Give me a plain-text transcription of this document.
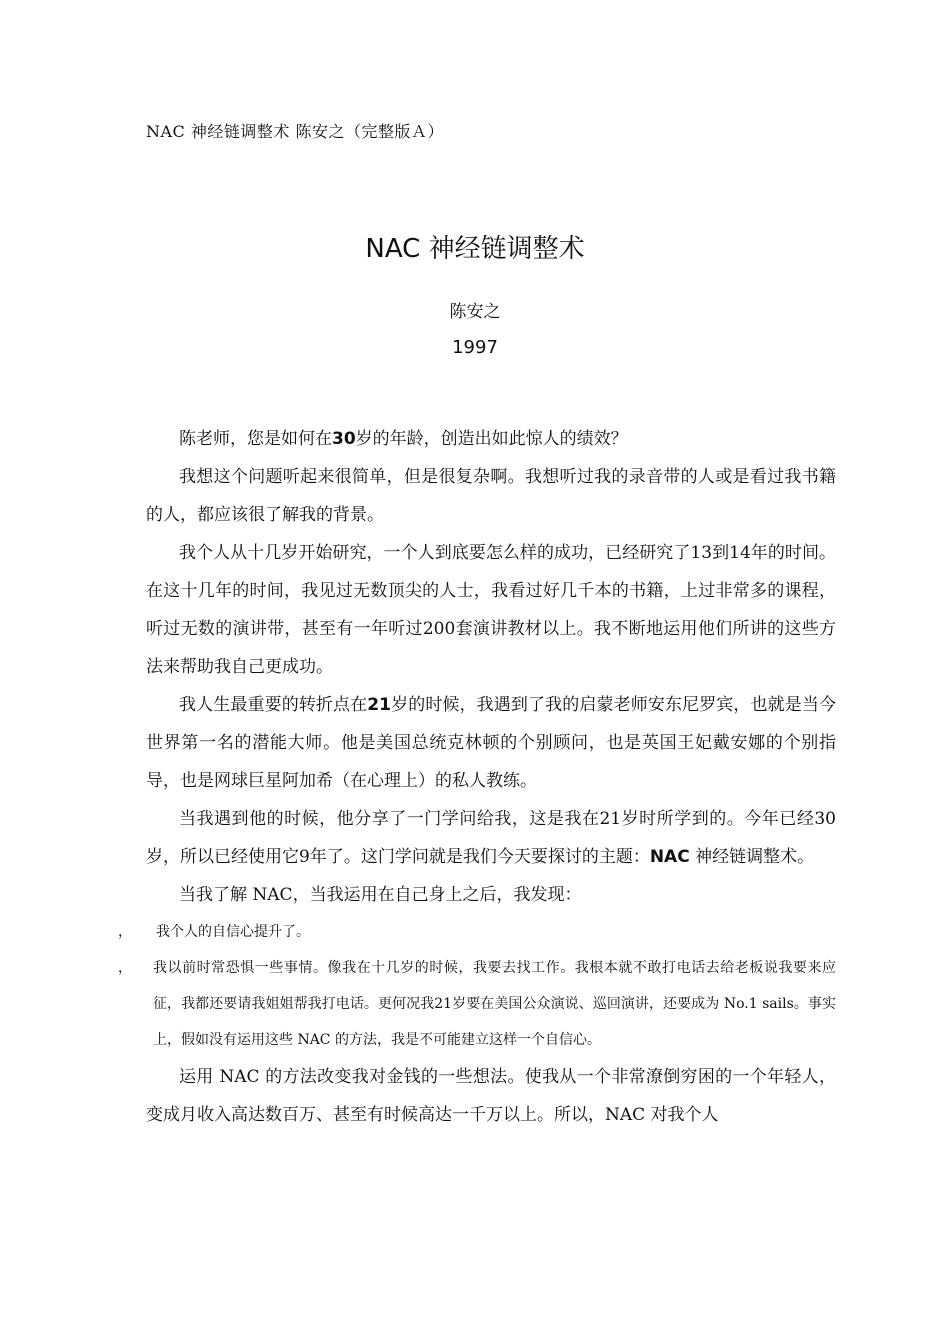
NAC 神经链调整术 陈安之（完整版Ａ）
NAC 神经链调整术
陈安之
1997

陈老师，您是如何在30岁的年龄，创造出如此惊人的绩效？

我想这个问题听起来很简单，但是很复杂啊。我想听过我的录音带的人或是看过我书籍的人，都应该很了解我的背景。

我个人从十几岁开始研究，一个人到底要怎么样的成功，已经研究了13到14年的时间。在这十几年的时间，我见过无数顶尖的人士，我看过好几千本的书籍，上过非常多的课程，听过无数的演讲带，甚至有一年听过200套演讲教材以上。我不断地运用他们所讲的这些方法来帮助我自己更成功。

我人生最重要的转折点在21岁的时候，我遇到了我的启蒙老师安东尼罗宾，也就是当今世界第一名的潜能大师。他是美国总统克林顿的个别顾问，也是英国王妃戴安娜的个别指导，也是网球巨星阿加希（在心理上）的私人教练。

当我遇到他的时候，他分享了一门学问给我，这是我在21岁时所学到的。今年已经30岁，所以已经使用它9年了。这门学问就是我们今天要探讨的主题：NAC 神经链调整术。

当我了解 NAC，当我运用在自己身上之后，我发现：

， 我个人的自信心提升了。

， 我以前时常恐惧一些事情。像我在十几岁的时候，我要去找工作。我根本就不敢打电话去给老板说我要来应征，我都还要请我姐姐帮我打电话。更何况我21岁要在美国公众演说、巡回演讲，还要成为 No.1 sails。事实上，假如没有运用这些 NAC 的方法，我是不可能建立这样一个自信心。

运用 NAC 的方法改变我对金钱的一些想法。使我从一个非常潦倒穷困的一个年轻人，变成月收入高达数百万、甚至有时候高达一千万以上。所以，NAC 对我个人
